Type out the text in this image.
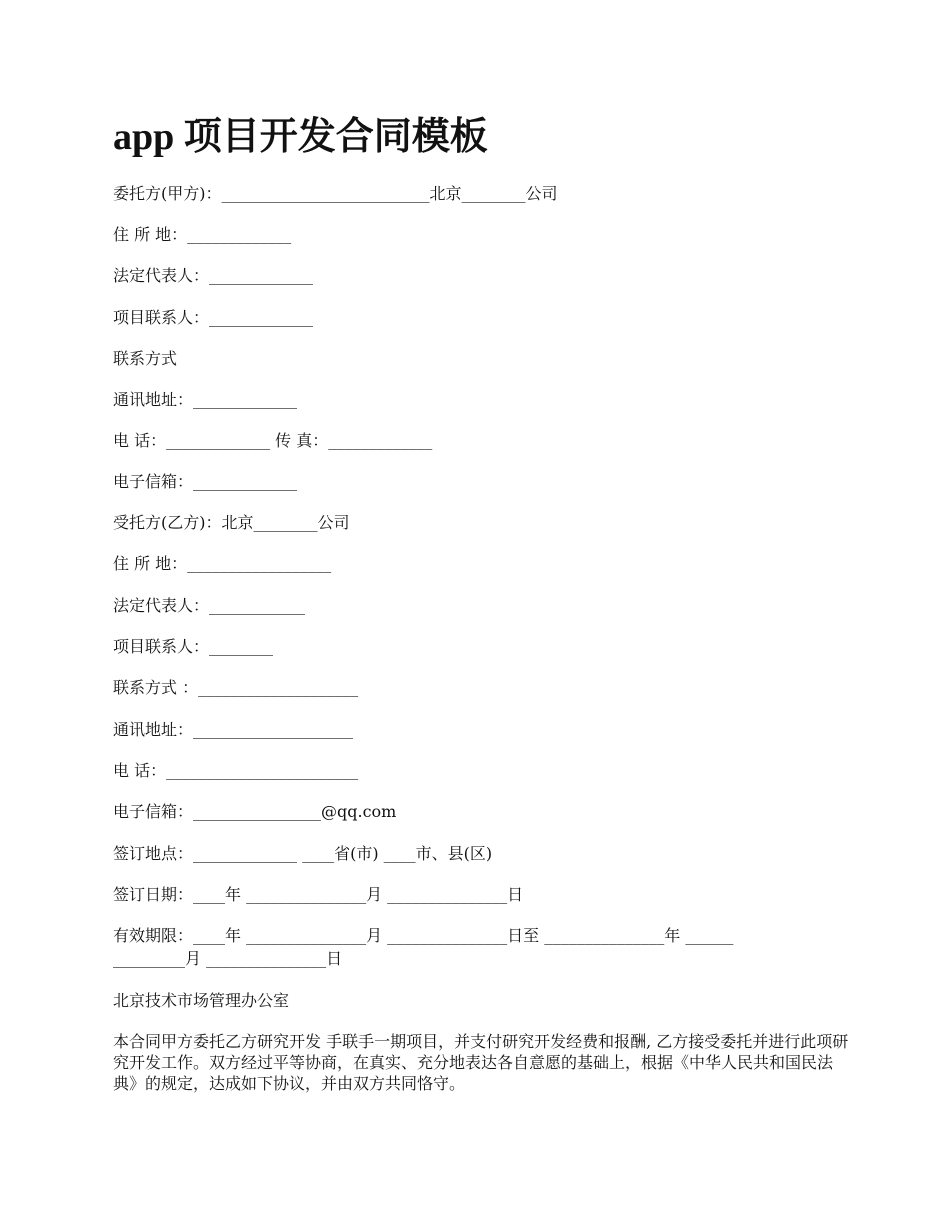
app 项目开发合同模板
委托方(甲方)：__________________________北京________公司
住 所 地：_____________
法定代表人：_____________
项目联系人：_____________
联系方式
通讯地址：_____________
电 话：_____________ 传 真：_____________
电子信箱：_____________
受托方(乙方)：北京________公司
住 所 地：__________________
法定代表人：____________
项目联系人：________
联系方式 ：____________________
通讯地址：____________________
电 话：________________________
电子信箱：________________@qq.com
签订地点：_____________ ____省(市) ____市、县(区)
签订日期：____年 _______________月 _______________日
有效期限：____年 _______________月 _______________日至 _______________年 ______
_________月 _______________日
北京技术市场管理办公室

本合同甲方委托乙方研究开发 手联手一期项目，并支付研究开发经费和报酬, 乙方接受委托并进行此项研究开发工作。双方经过平等协商，在真实、充分地表达各自意愿的基础上，根据《中华人民共和国民法典》的规定，达成如下协议，并由双方共同恪守。
